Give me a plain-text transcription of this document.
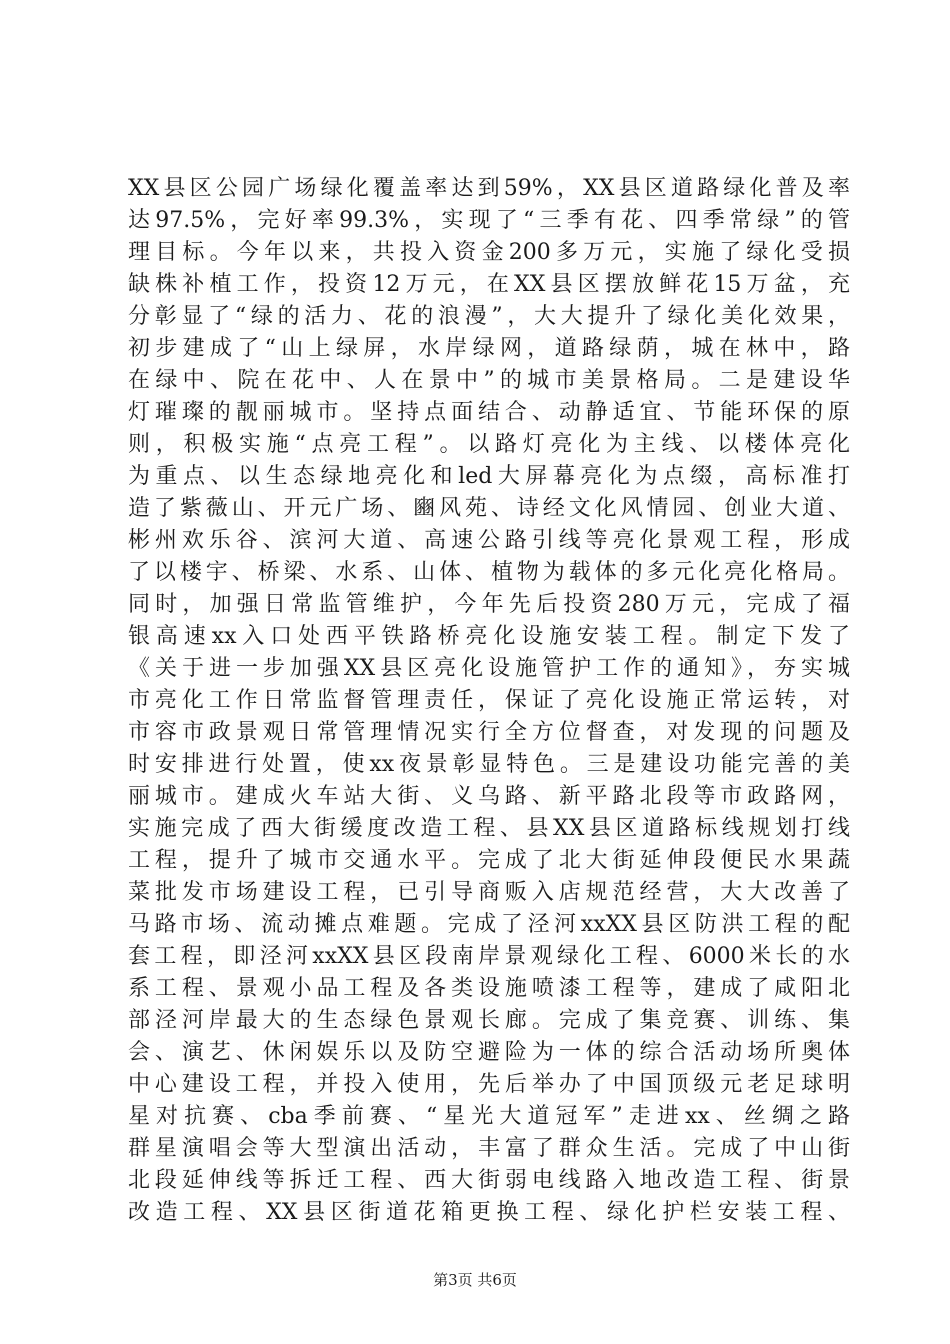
XX县区公园广场绿化覆盖率达到59%，XX县区道路绿化普及率
达97.5%，完好率99.3%，实现了“三季有花、四季常绿”的管
理目标。今年以来，共投入资金200多万元，实施了绿化受损
缺株补植工作，投资12万元，在XX县区摆放鲜花15万盆，充
分彰显了“绿的活力、花的浪漫”，大大提升了绿化美化效果，
初步建成了“山上绿屏，水岸绿网，道路绿荫，城在林中，路
在绿中、院在花中、人在景中”的城市美景格局。二是建设华
灯璀璨的靓丽城市。坚持点面结合、动静适宜、节能环保的原
则，积极实施“点亮工程”。以路灯亮化为主线、以楼体亮化
为重点、以生态绿地亮化和led大屏幕亮化为点缀，高标准打
造了紫薇山、开元广场、豳风苑、诗经文化风情园、创业大道、
彬州欢乐谷、滨河大道、高速公路引线等亮化景观工程，形成
了以楼宇、桥梁、水系、山体、植物为载体的多元化亮化格局。
同时，加强日常监管维护，今年先后投资280万元，完成了福
银高速xx入口处西平铁路桥亮化设施安装工程。制定下发了
《关于进一步加强XX县区亮化设施管护工作的通知》，夯实城
市亮化工作日常监督管理责任，保证了亮化设施正常运转，对
市容市政景观日常管理情况实行全方位督查，对发现的问题及
时安排进行处置，使xx夜景彰显特色。三是建设功能完善的美
丽城市。建成火车站大街、义乌路、新平路北段等市政路网，
实施完成了西大街缓度改造工程、县XX县区道路标线规划打线
工程，提升了城市交通水平。完成了北大街延伸段便民水果蔬
菜批发市场建设工程，已引导商贩入店规范经营，大大改善了
马路市场、流动摊点难题。完成了泾河xxXX县区防洪工程的配
套工程，即泾河xxXX县区段南岸景观绿化工程、6000米长的水
系工程、景观小品工程及各类设施喷漆工程等，建成了咸阳北
部泾河岸最大的生态绿色景观长廊。完成了集竞赛、训练、集
会、演艺、休闲娱乐以及防空避险为一体的综合活动场所奥体
中心建设工程，并投入使用，先后举办了中国顶级元老足球明
星对抗赛、cba季前赛、“星光大道冠军”走进xx、丝绸之路
群星演唱会等大型演出活动，丰富了群众生活。完成了中山街
北段延伸线等拆迁工程、西大街弱电线路入地改造工程、街景
改造工程、XX县区街道花箱更换工程、绿化护栏安装工程、
第3页 共6页
